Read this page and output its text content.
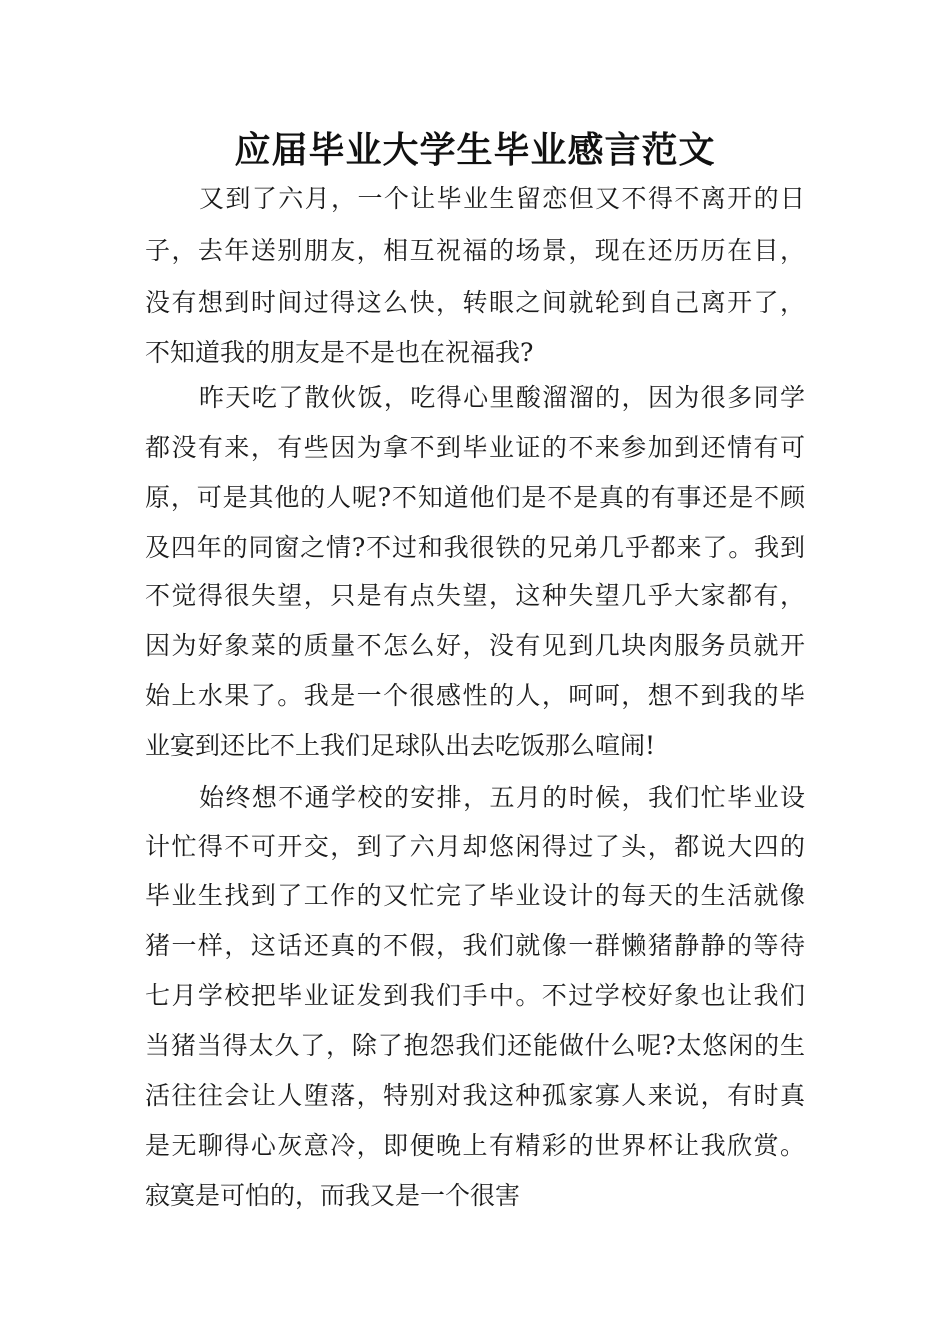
应届毕业大学生毕业感言范文
又到了六月，一个让毕业生留恋但又不得不离开的日
子，去年送别朋友，相互祝福的场景，现在还历历在目，
没有想到时间过得这么快，转眼之间就轮到自己离开了，
不知道我的朋友是不是也在祝福我?
昨天吃了散伙饭，吃得心里酸溜溜的，因为很多同学
都没有来，有些因为拿不到毕业证的不来参加到还情有可
原，可是其他的人呢?不知道他们是不是真的有事还是不顾
及四年的同窗之情?不过和我很铁的兄弟几乎都来了。我到
不觉得很失望，只是有点失望，这种失望几乎大家都有，
因为好象菜的质量不怎么好，没有见到几块肉服务员就开
始上水果了。我是一个很感性的人，呵呵，想不到我的毕
业宴到还比不上我们足球队出去吃饭那么喧闹!
始终想不通学校的安排，五月的时候，我们忙毕业设
计忙得不可开交，到了六月却悠闲得过了头，都说大四的
毕业生找到了工作的又忙完了毕业设计的每天的生活就像
猪一样，这话还真的不假，我们就像一群懒猪静静的等待
七月学校把毕业证发到我们手中。不过学校好象也让我们
当猪当得太久了，除了抱怨我们还能做什么呢?太悠闲的生
活往往会让人堕落，特别对我这种孤家寡人来说，有时真
是无聊得心灰意冷，即便晚上有精彩的世界杯让我欣赏。
寂寞是可怕的，而我又是一个很害
